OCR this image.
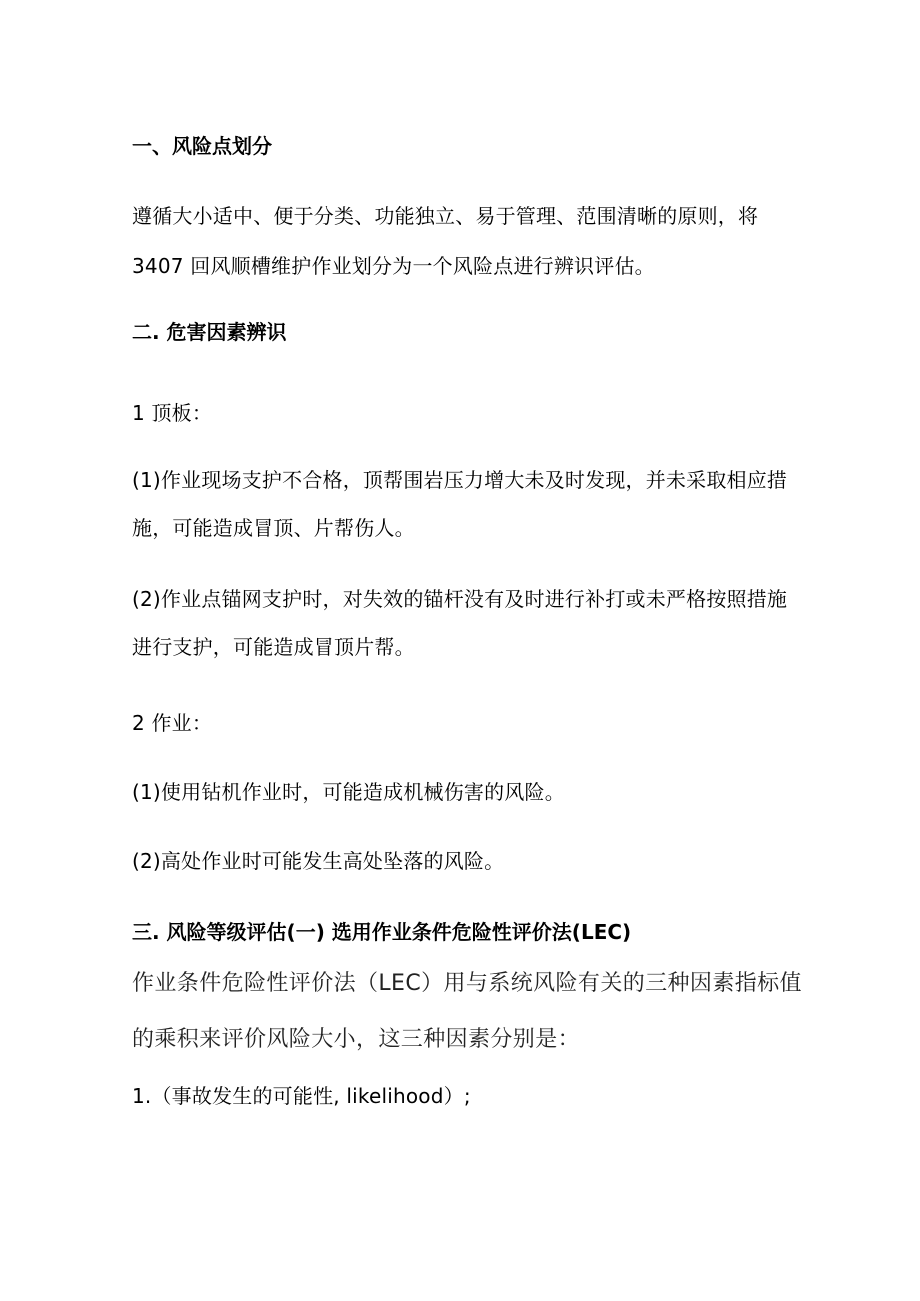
一、风险点划分

遵循大小适中、便于分类、功能独立、易于管理、范围清晰的原则，将

3407 回风顺槽维护作业划分为一个风险点进行辨识评估。

二. 危害因素辨识

1 顶板：

(1)作业现场支护不合格，顶帮围岩压力增大未及时发现，并未采取相应措

施，可能造成冒顶、片帮伤人。

(2)作业点锚网支护时，对失效的锚杆没有及时进行补打或未严格按照措施

进行支护，可能造成冒顶片帮。

2 作业：

(1)使用钻机作业时，可能造成机械伤害的风险。

(2)高处作业时可能发生高处坠落的风险。

三. 风险等级评估(一) 选用作业条件危险性评价法(LEC)

作业条件危险性评价法（LEC）用与系统风险有关的三种因素指标值

的乘积来评价风险大小，这三种因素分别是：

1.（事故发生的可能性, likelihood）;
